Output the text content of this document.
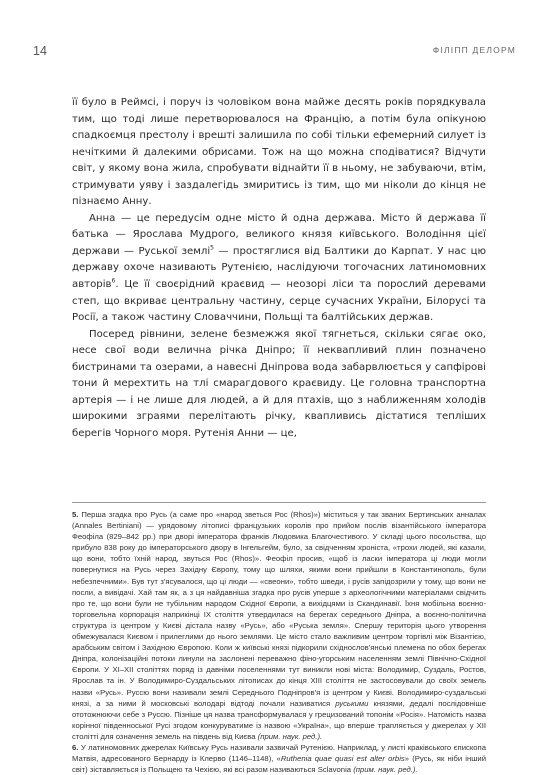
14	ФІЛІПП ДЕЛОРМ

її було в Реймсі, і поруч із чоловіком вона майже десять років порядкувала тим, що тоді лише перетворювалося на Францію, а потім була опікуною спадкоємця престолу і врешті залишила по собі тільки ефемерний силует із нечіткими й далекими обрисами. Тож на що можна сподіватися? Відчути світ, у якому вона жила, спробувати віднайти її в ньому, не забуваючи, втім, стримувати уяву і заздалегідь змиритись із тим, що ми ніколи до кінця не пізнаємо Анну.

Анна — це передусім одне місто й одна держава. Місто й держава її батька — Ярослава Мудрого, великого князя київського. Володіння цієї держави — Руської землі$^5$ — простяглися від Балтики до Карпат. У нас цю державу охоче називають Рутенією, наслідуючи тогочасних латиномовних авторів$^6$. Це її своєрідний краєвид — неозорі ліси та порослий деревами степ, що вкриває центральну частину, серце сучасних України, Білорусі та Росії, а також частину Словаччини, Польщі та балтійських держав.

Посеред рівнини, зелене безмежжя якої тягнеться, скільки сягає око, несе свої води велична річка Дніпро; її неквапливий плин позначено бистринами та озерами, а навесні Дніпрова вода забарвлюється у сапфірові тони й мерехтить на тлі смарагдового краєвиду. Це головна транспортна артерія — і не лише для людей, а й для птахів, що з наближенням холодів широкими зграями перелітають річку, квапливись дістатися тепліших берегів Чорного моря. Рутенія Анни — це,

5. Перша згадка про Русь (а саме про «народ зветься Рос (Rhos)») міститься у так званих Бертинських анналах (Annales Bertiniani) — урядовому літописі французьких королів про прийом послів візантійського імператора Феофіла (829–842 рр.) при дворі імператора франків Людовика Благочестивого. У складі цього посольства, що прибуло 838 року до імператорського двору в Інгельгейм, було, за свідченням хроніста, «трохи людей, які казали, що вони, тобто їхній народ, звуться Рос (Rhos)». Феофіл просив, «щоб із ласки імператора ці люди могли повернутися на Русь через Західну Європу, тому що шляхи, якими вони прийшли в Константинополь, були небезпечними». Був тут з'ясувалося, що ці люди — «свеони», тобто шведи, і русів запідозрили у тому, що вони не посли, а вивідачі. Хай там як, а з ця найдавніша згадка про русів уперше з археологічними матеріалами свідчить про те, що вони були не тубільним народом Східної Європи, а вихідцями із Скандинавії. Їхня мобільна воєнно-торговельна корпорація наприкінці IX століття утвердилася на берегах середнього Дніпра, а воєнно-політична структура із центром у Києві дістала назву «Русь», або «Руська земля». Спершу територія цього утворення обмежувалася Києвом і прилеглими до нього землями. Це місто стало важливим центром торгівлі між Візантією, арабським світом і Західною Європою. Коли ж київські князі підкорили східнослов'янські племена по обох берегах Дніпра, колонізаційні потоки линули на заслонені переважно фіно-угорським населенням землі Північно-Східної Європи. У XI–XII століттях поряд із давніми поселеннями тут виникли нові міста: Володимир, Суздаль, Ростов, Ярослав та ін. У Володимиро-Суздальських літописах до кінця XIII століття не застосовували до своїх земель назви «Русь». Руссю вони називали землі Середнього Подніпров'я із центром у Києві. Володимиро-суздальські князі, а за ними й московські володарі відтоді почали називатися руськими князями, дедалі послідовніше ототожнюючи себе з Руссю. Пізніше ця назва трансформувалася у грецизований топонім «Росія». Натомість назва корінної південноської Русі згодом конкуруватиме із назвою «Україна», що вперше трапляється у джерелах у XII столітті для означення земель на південь від Києва (прим. наук. ред.).

6. У латиномовних джерелах Київську Русь називали зазвичай Рутенією. Наприклад, у листі краківського єпископа Матвія, адресованого Бернарду із Клерво (1146–1148), «Ruthenia quae quasi est alter orbis» (Русь, як ніби інший світ) зіставляється із Польщею та Чехією, які всі разом називаються Sclavonia (прим. наук. ред.).
